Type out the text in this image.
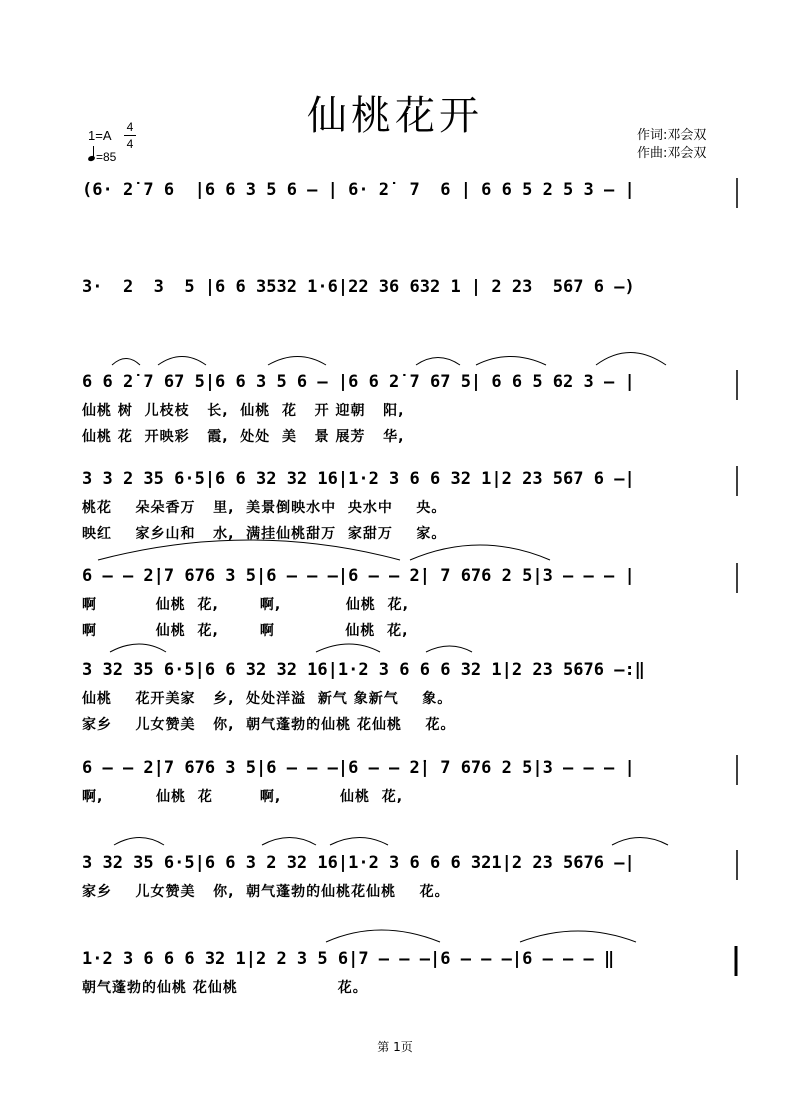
仙桃花开
1=A
4
4
=85
作词:邓会双
作曲:邓会双
(6· 2̇ 7 6  |6 6 3 5 6 – | 6· 2̇  7  6 | 6 6 5 2 5 3 – |
3·  2  3  5 |6 6 3532 1·6|22 36 632 1 | 2 23  567 6 –)
6 6 2̇ 7 67 5|6 6 3 5 6 – |6 6 2̇ 7 67 5| 6 6 5 62 3 – |
仙桃 树  儿枝枝   长,  仙桃  花   开 迎朝   阳,
仙桃 花  开映彩   霞,  处处  美   景 展芳   华,
3 3 2 35 6·5|6 6 32 32 16|1·2 3 6 6 32 1|2 23 567 6 –|
桃花    朵朵香万   里,  美景倒映水中  央水中    央。
映红    家乡山和   水,  满挂仙桃甜万  家甜万    家。
6 – – 2̇|7 676 3 5|6 – – –|6 – – 2̇| 7 676 2 5|3 – – – |
啊          仙桃  花,       啊,           仙桃  花,
啊          仙桃  花,       啊            仙桃  花,
3 32 35 6·5|6 6 32 32 16|1·2 3 6 6 6 32 1|2 23 5676 –:‖
仙桃    花开美家   乡,  处处洋溢  新气 象新气    象。
家乡    儿女赞美   你,  朝气蓬勃的仙桃 花仙桃    花。
6 – – 2̇|7 676 3 5|6 – – –|6 – – 2̇| 7 676 2 5|3 – – – |
啊,         仙桃  花        啊,          仙桃  花,
3 32 35 6·5|6 6 3 2 32 16|1·2 3 6 6 6 321|2 23 5676 –|
家乡    儿女赞美   你,  朝气蓬勃的仙桃花仙桃    花。
1·2 3 6 6 6 32 1|2 2 3 5 6|7 – – –|6 – – –|6 – – – ‖
朝气蓬勃的仙桃 花仙桃                 花。
第 1页
